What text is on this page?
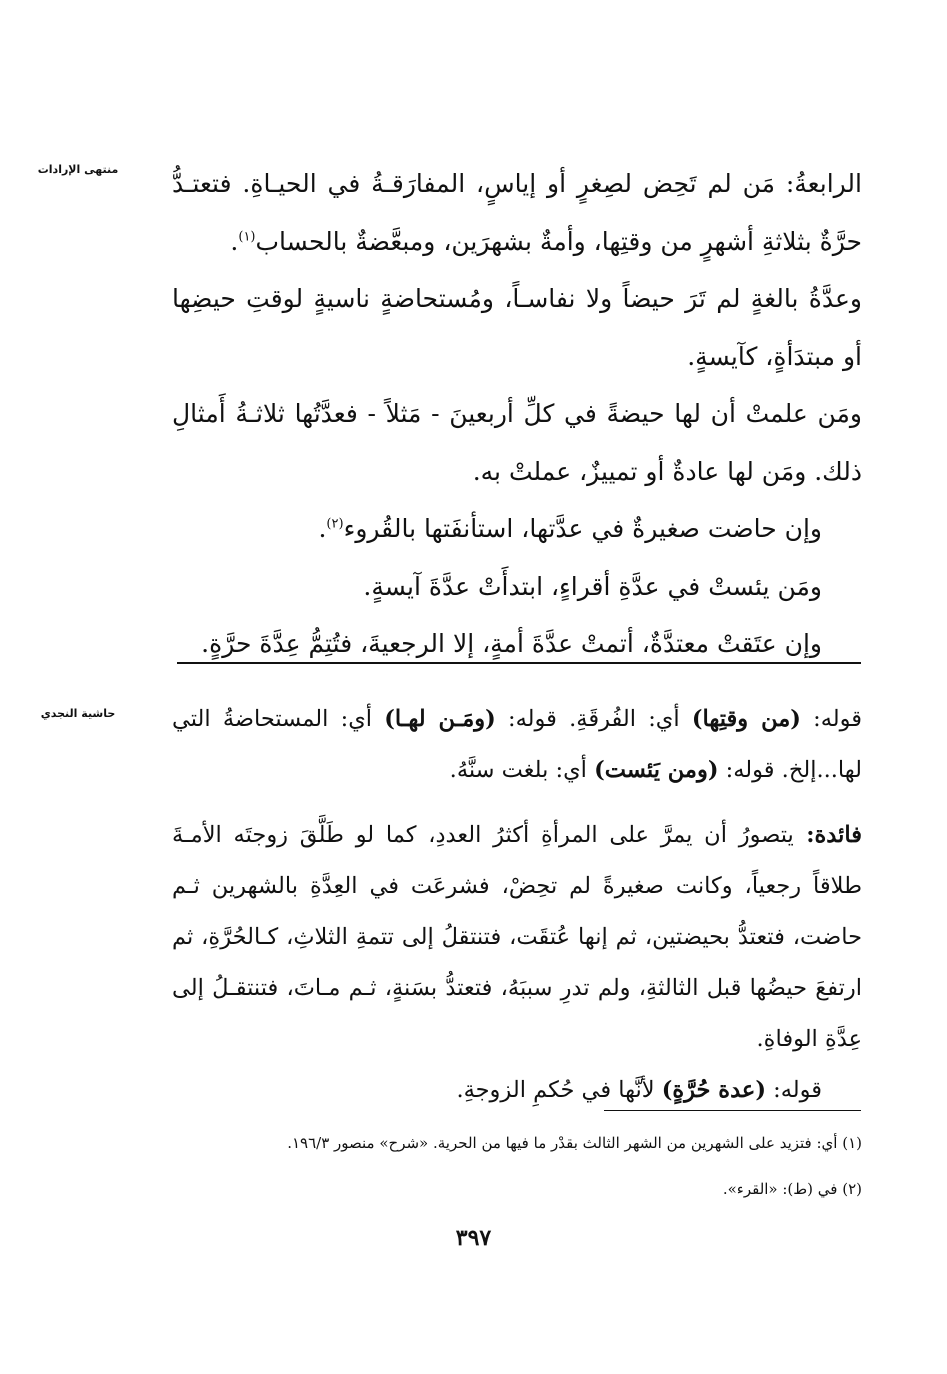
منتهى الإرادات
حاشية النجدي

الرابعةُ: مَن لم تَحِض لصِغرٍ أو إياسٍ، المفارَقـةُ في الحيـاةِ. فتعتـدُّ حرَّةٌ بثلاثةِ أشهرٍ من وقتِها، وأمةٌ بشهرَين، ومبعَّضةٌ بالحساب$^{(١)}$.

وعدَّةُ بالغةٍ لم تَرَ حيضاً ولا نفاسـاً، ومُستحاضةٍ ناسيةٍ لوقتِ حيضِها أو مبتدَأةٍ، كآيسةٍ.

ومَن علمتْ أن لها حيضةً في كلِّ أربعينَ - مَثلاً - فعدَّتُها ثلاثـةُ أَمثالِ ذلك. ومَن لها عادةٌ أو تمييزٌ، عملتْ به.

وإن حاضت صغيرةٌ في عدَّتها، استأنفَتها بالقُروء$^{(٢)}$.

ومَن يئستْ في عدَّةِ أقراءٍ، ابتدأَتْ عدَّةَ آيسةٍ.

وإن عتَقتْ معتدَّةٌ، أتمتْ عدَّةَ أمةٍ، إلا الرجعيةَ، فتُتِمُّ عِدَّةَ حرَّةٍ.

قوله: (من وقتِها) أي: الفُرقَةِ. قوله: (ومَـن لهـا) أي: المستحاضةُ التي لها...إلخ. قوله: (ومن يَئست) أي: بلغت سنَّهُ.

فائدة: يتصورُ أن يمرَّ على المرأةِ أكثرُ العددِ، كما لو طَلَّقَ زوجتَه الأمـةَ طلاقاً رجعياً، وكانت صغيرةً لم تحِضْ، فشرعَت في العِدَّةِ بالشهرين ثـم حاضت، فتعتدُّ بحيضتين، ثم إنها عُتقَت، فتنتقلُ إلى تتمةِ الثلاثِ، كـالحُرَّةِ، ثم ارتفعَ حيضُها قبل الثالثةِ، ولم تدرِ سببَهُ، فتعتدُّ بسَنةٍ، ثـم مـاتَ، فتنتقـلُ إلى عِدَّةِ الوفاةِ.

قوله: (عدة حُرَّةٍ) لأنَّها في حُكمِ الزوجةِ.

(١) أي: فتزيد على الشهرين من الشهر الثالث بقدْر ما فيها من الحرية. «شرح» منصور ١٩٦/٣.

(٢) في (ط): «القرء».

٣٩٧
